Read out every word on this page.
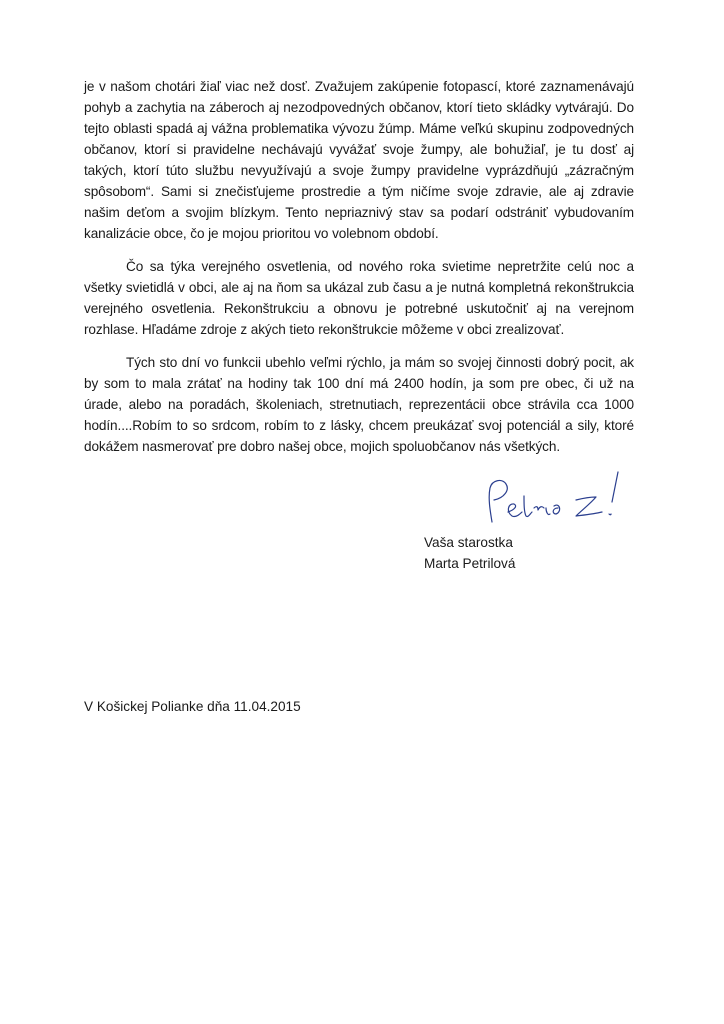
je v našom chotári žiaľ viac než dosť. Zvažujem zakúpenie fotopascí, ktoré zaznamenávajú pohyb a zachytia na záberoch aj nezodpovedných občanov, ktorí tieto skládky vytvárajú. Do tejto oblasti spadá aj vážna problematika vývozu žúmp. Máme veľkú skupinu zodpovedných občanov, ktorí si pravidelne nechávajú vyvážať svoje žumpy, ale bohužiaľ, je tu dosť aj takých, ktorí túto službu nevyužívajú a svoje žumpy pravidelne vyprázdňujú „zázračným spôsobom“. Sami si znečisťujeme prostredie a tým ničíme svoje zdravie, ale aj zdravie našim deťom a svojim blízkym. Tento nepriaznivý stav sa podarí odstrániť vybudovaním kanalizácie obce, čo je mojou prioritou vo volebnom období.

Čo sa týka verejného osvetlenia, od nového roka svietime nepretržite celú noc a všetky svietidlá v obci, ale aj na ňom sa ukázal zub času a je nutná kompletná rekonštrukcia verejného osvetlenia. Rekonštrukciu a obnovu je potrebné uskutočniť aj na verejnom rozhlase. Hľadáme zdroje z akých tieto rekonštrukcie môžeme v obci zrealizovať.

Tých sto dní vo funkcii ubehlo veľmi rýchlo, ja mám so svojej činnosti dobrý pocit, ak by som to mala zrátať na hodiny tak 100 dní má 2400 hodín, ja som pre obec, či už na úrade, alebo na poradách, školeniach, stretnutiach, reprezentácii obce strávila cca 1000 hodín....Robím to so srdcom, robím to z lásky, chcem preukázať svoj potenciál a sily, ktoré dokážem nasmerovať pre dobro našej obce, mojich spoluobčanov nás všetkých.

Vaša starostka
Marta Petrilová
V Košickej Polianke dňa 11.04.2015
